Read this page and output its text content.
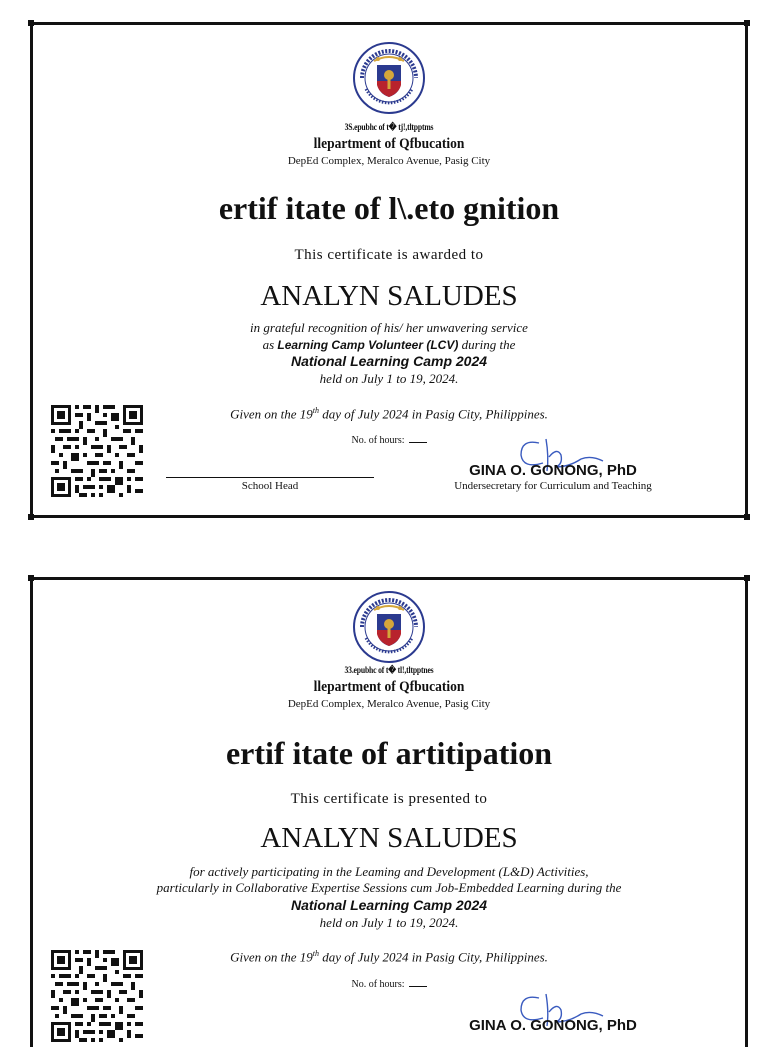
3S.epubhc of t� tj!,tltpptms
llepartment of Qfbucation
DepEd Complex, Meralco Avenue, Pasig City
ertif itate of l\.eto gnition
This certificate is awarded to
ANALYN SALUDES
in grateful recognition of his/ her unwavering service
as Learning Camp Volunteer (LCV) during the
National Learning Camp 2024
held on July 1 to 19, 2024.
Given on the 19th day of July 2024 in Pasig City, Philippines.
No. of hours:
School Head
GINA O. GONONG, PhD
Undersecretary for Curriculum and Teaching
33.epubhc of t� tl!,tltpptnes
llepartment of Qfbucation
DepEd Complex, Meralco Avenue, Pasig City
ertif itate of artitipation
This certificate is presented to
ANALYN SALUDES
for actively participating in the Leaming and Development (L&D) Activities,
particularly in Collaborative Expertise Sessions cum Job-Embedded Learning during the
National Learning Camp 2024
held on July 1 to 19, 2024.
Given on the 19th day of July 2024 in Pasig City, Philippines.
No. of hours:
GINA O. GONONG, PhD
